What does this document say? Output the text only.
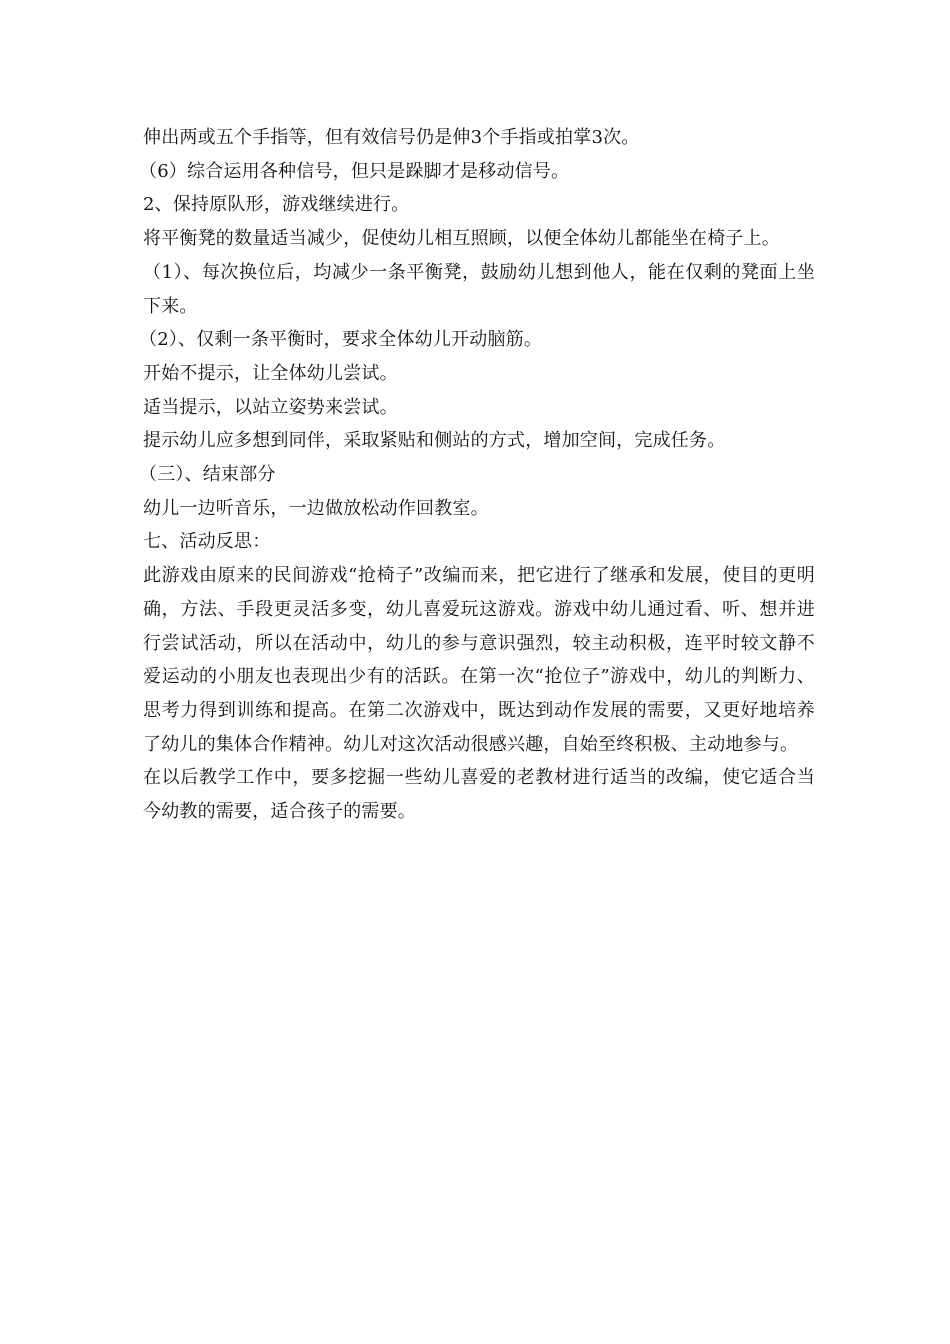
伸出两或五个手指等，但有效信号仍是伸3个手指或拍掌3次。

（6）综合运用各种信号，但只是跺脚才是移动信号。

2、保持原队形，游戏继续进行。

将平衡凳的数量适当减少，促使幼儿相互照顾，以便全体幼儿都能坐在椅子上。

（1）、每次换位后，均减少一条平衡凳，鼓励幼儿想到他人，能在仅剩的凳面上坐下来。

（2）、仅剩一条平衡时，要求全体幼儿开动脑筋。

开始不提示，让全体幼儿尝试。

适当提示，以站立姿势来尝试。

提示幼儿应多想到同伴，采取紧贴和侧站的方式，增加空间，完成任务。

（三）、结束部分

幼儿一边听音乐，一边做放松动作回教室。

七、活动反思：

此游戏由原来的民间游戏“抢椅子”改编而来，把它进行了继承和发展，使目的更明确，方法、手段更灵活多变，幼儿喜爱玩这游戏。游戏中幼儿通过看、听、想并进行尝试活动，所以在活动中，幼儿的参与意识强烈，较主动积极，连平时较文静不爱运动的小朋友也表现出少有的活跃。在第一次“抢位子”游戏中，幼儿的判断力、思考力得到训练和提高。在第二次游戏中，既达到动作发展的需要，又更好地培养了幼儿的集体合作精神。幼儿对这次活动很感兴趣，自始至终积极、主动地参与。

在以后教学工作中，要多挖掘一些幼儿喜爱的老教材进行适当的改编，使它适合当今幼教的需要，适合孩子的需要。
